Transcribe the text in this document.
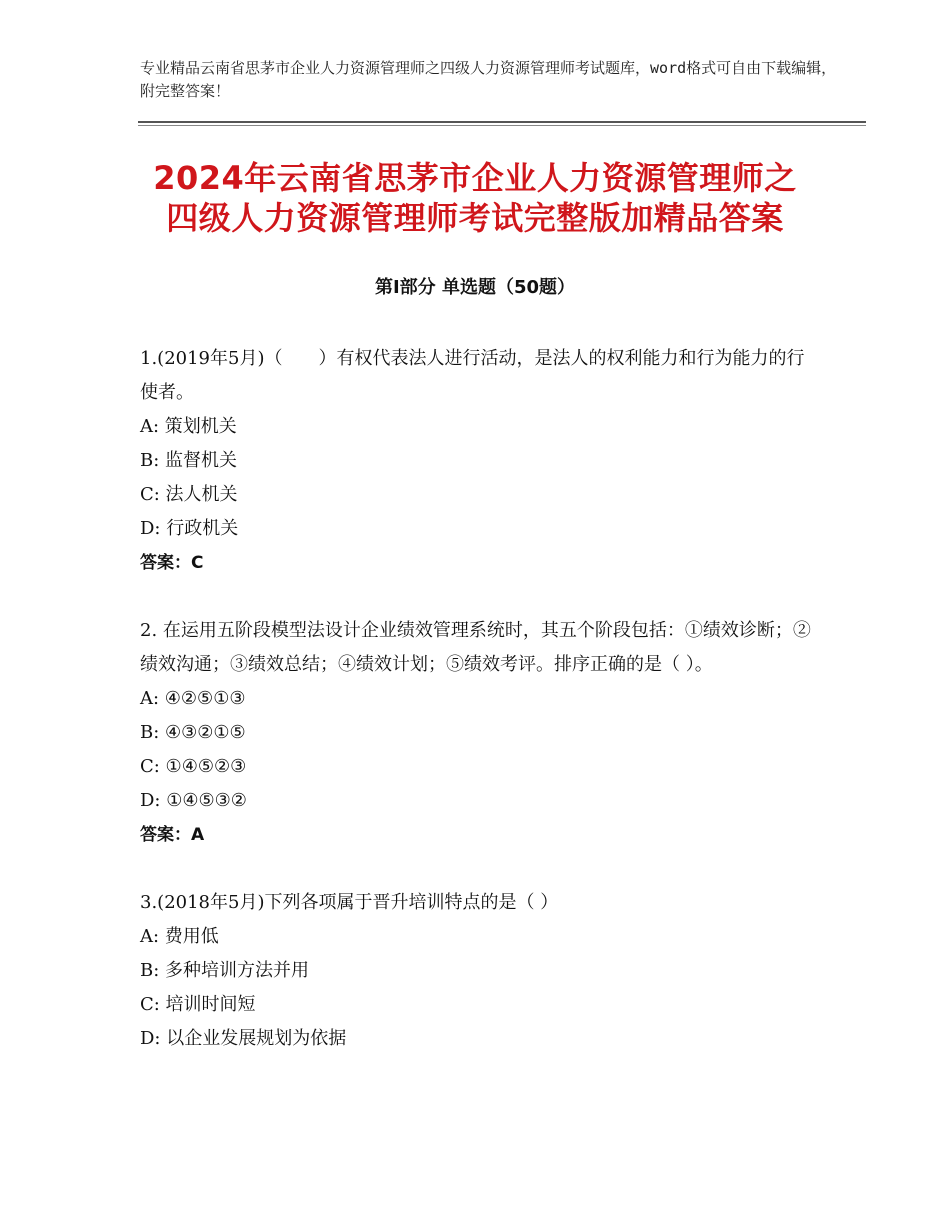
专业精品云南省思茅市企业人力资源管理师之四级人力资源管理师考试题库，word格式可自由下载编辑，附完整答案！
2024年云南省思茅市企业人力资源管理师之
四级人力资源管理师考试完整版加精品答案
第Ⅰ部分 单选题（50题）
1.(2019年5月)（　　）有权代表法人进行活动，是法人的权利能力和行为能力的行使者。
A: 策划机关
B: 监督机关
C: 法人机关
D: 行政机关
答案：C
2. 在运用五阶段模型法设计企业绩效管理系统时，其五个阶段包括：①绩效诊断；②绩效沟通；③绩效总结；④绩效计划；⑤绩效考评。排序正确的是（ ）。
A: ④②⑤①③
B: ④③②①⑤
C: ①④⑤②③
D: ①④⑤③②
答案：A
3.(2018年5月)下列各项属于晋升培训特点的是（ ）
A: 费用低
B: 多种培训方法并用
C: 培训时间短
D: 以企业发展规划为依据
